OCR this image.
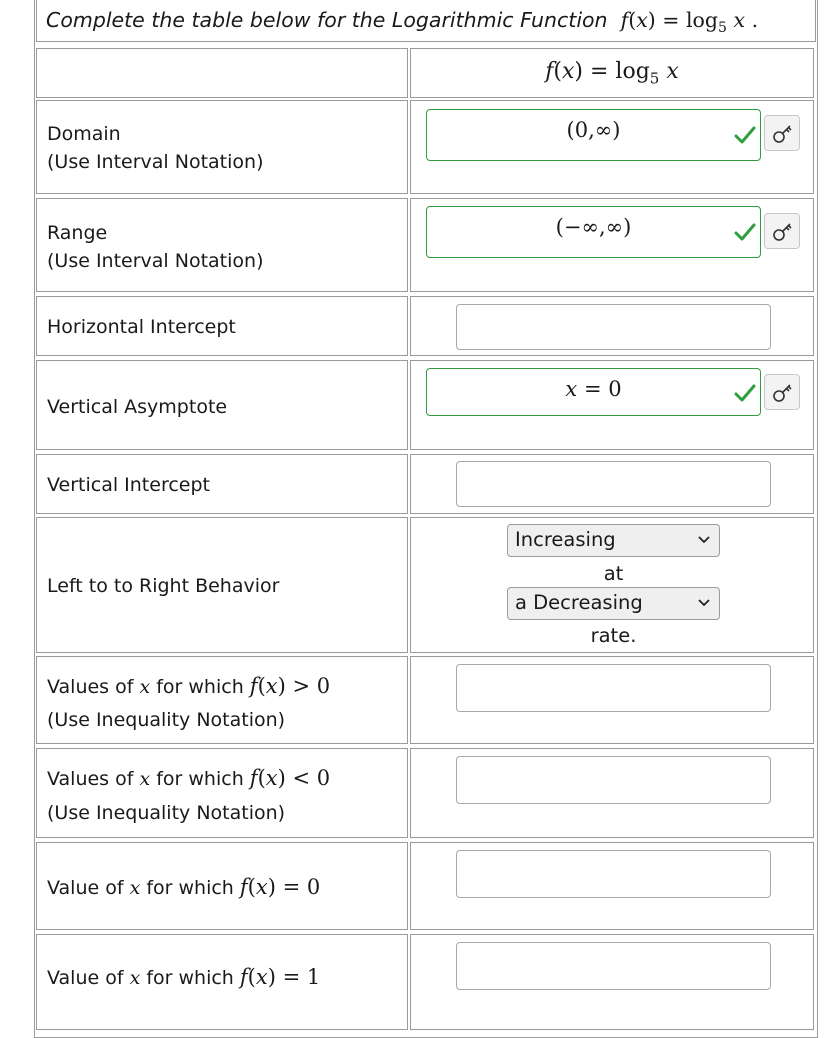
Complete the table below for the Logarithmic Function $f(x) = \log_5 x$ .
$f(x) = \log_5 x$
Domain
(Use Interval Notation)
(0,∞)
Range
(Use Interval Notation)
(−∞,∞)
Horizontal Intercept
Vertical Asymptote
x = 0
Vertical Intercept
Left to to Right Behavior
Increasing
at
a Decreasing
rate.
Values of x for which f(x) > 0
(Use Inequality Notation)
Values of x for which f(x) < 0
(Use Inequality Notation)
Value of x for which f(x) = 0
Value of x for which f(x) = 1
